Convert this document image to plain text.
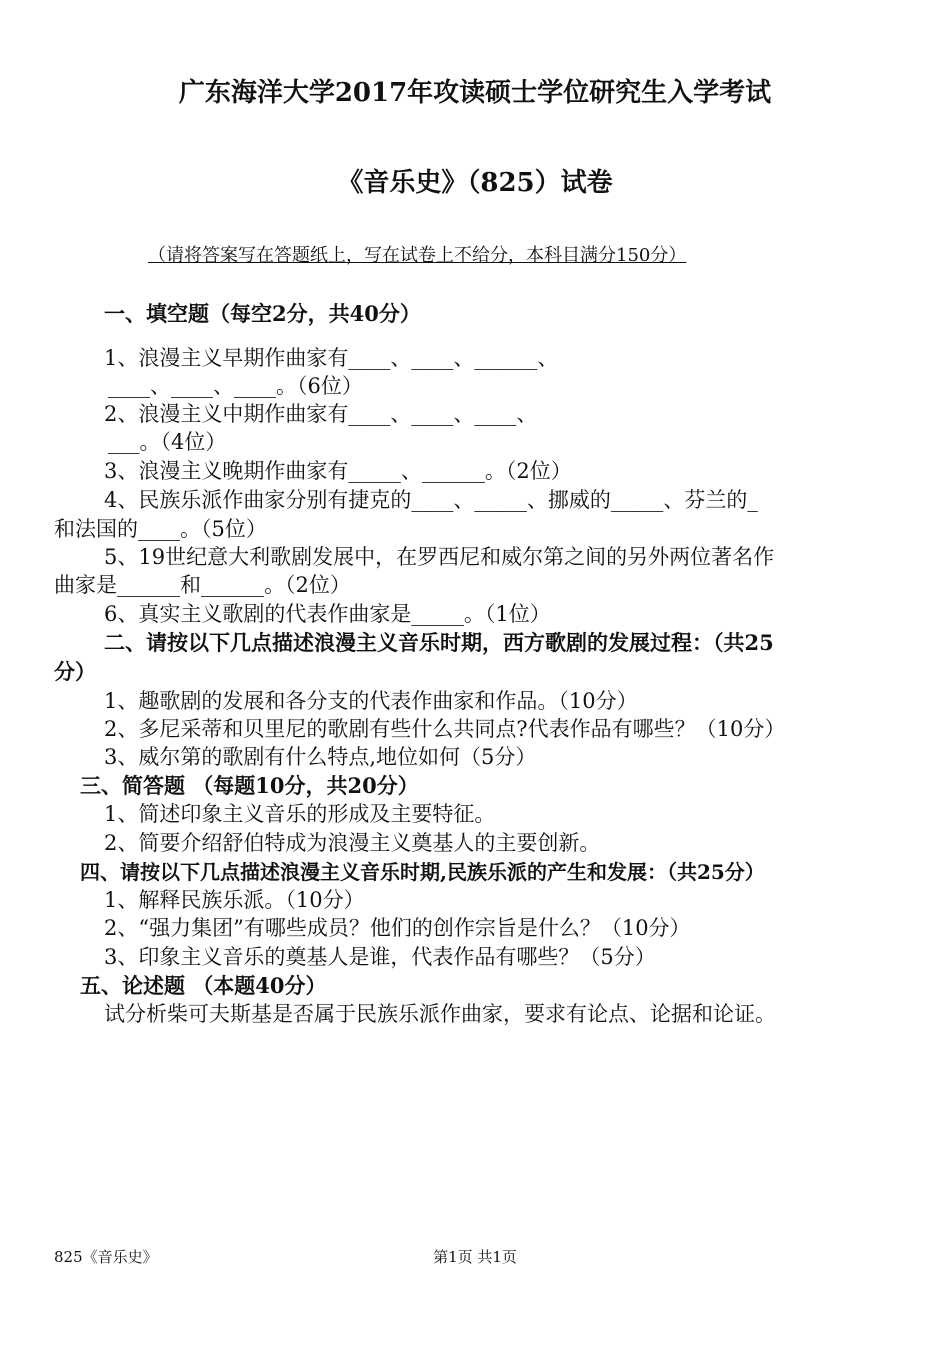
广东海洋大学2017年攻读硕士学位研究生入学考试
《音乐史》（825）试卷
（请将答案写在答题纸上，写在试卷上不给分，本科目满分150分）
一、填空题（每空2分，共40分）
1、浪漫主义早期作曲家有____、____、______、
____、____、____。（6位）
2、浪漫主义中期作曲家有____、____、____、
___。（4位）
3、浪漫主义晚期作曲家有_____、______。（2位）
4、民族乐派作曲家分别有捷克的____、_____、挪威的_____、芬兰的_
和法国的____。（5位）
5、19世纪意大利歌剧发展中，在罗西尼和威尔第之间的另外两位著名作
曲家是______和______。（2位）
6、真实主义歌剧的代表作曲家是_____。（1位）
二、请按以下几点描述浪漫主义音乐时期，西方歌剧的发展过程：（共25
分）
1、趣歌剧的发展和各分支的代表作曲家和作品。（10分）
2、多尼采蒂和贝里尼的歌剧有些什么共同点?代表作品有哪些？（10分）
3、威尔第的歌剧有什么特点,地位如何（5分）
三、简答题 （每题10分，共20分）
1、简述印象主义音乐的形成及主要特征。
2、简要介绍舒伯特成为浪漫主义奠基人的主要创新。
四、请按以下几点描述浪漫主义音乐时期,民族乐派的产生和发展：（共25分）
1、解释民族乐派。（10分）
2、“强力集团”有哪些成员？他们的创作宗旨是什么？（10分）
3、印象主义音乐的奠基人是谁，代表作品有哪些？（5分）
五、论述题 （本题40分）
试分析柴可夫斯基是否属于民族乐派作曲家，要求有论点、论据和论证。
825《音乐史》	第1页 共1页
